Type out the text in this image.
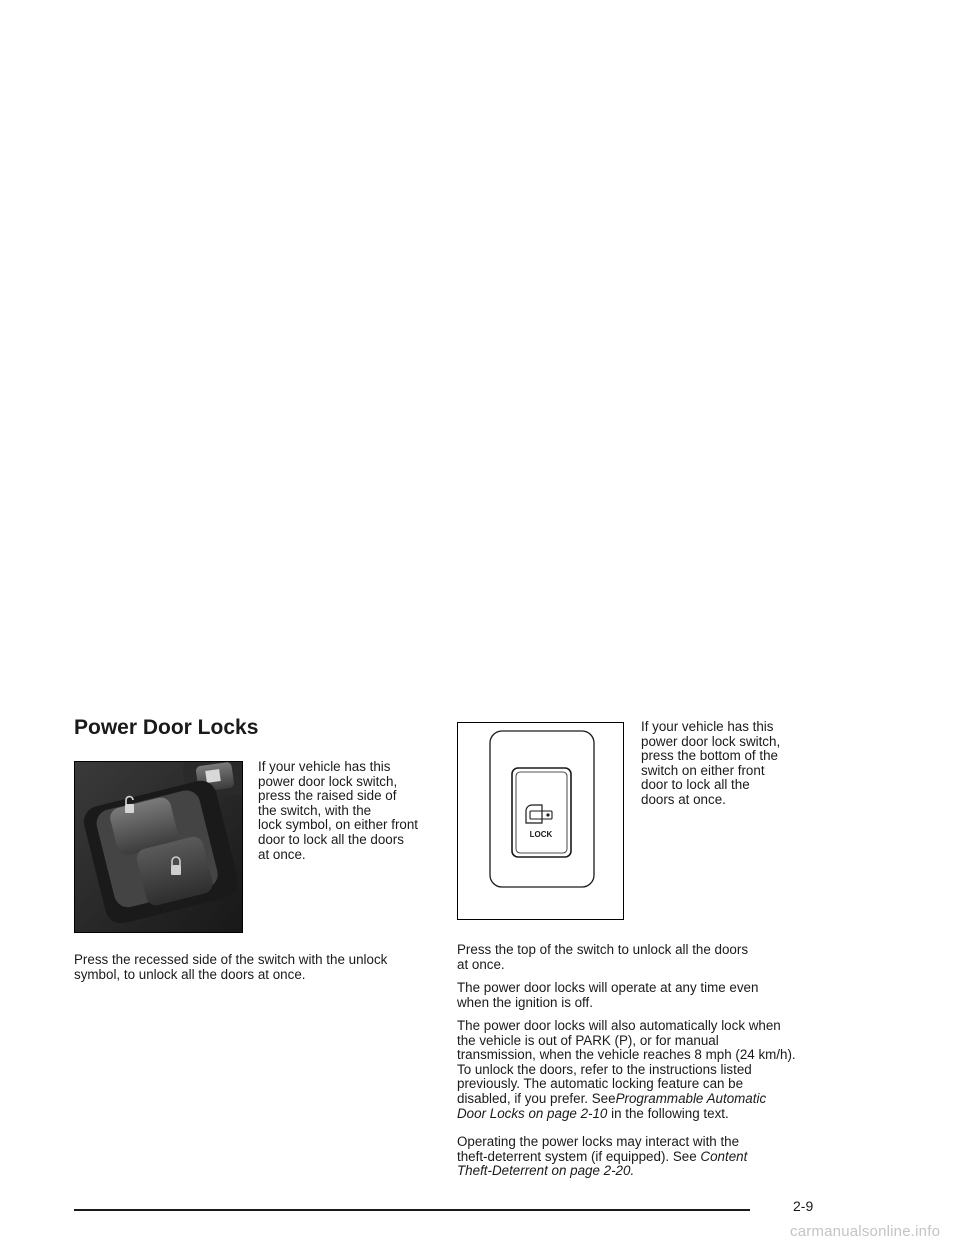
Power Door Locks
If your vehicle has this
power door lock switch,
press the raised side of
the switch, with the
lock symbol, on either front
door to lock all the doors
at once.
Press the recessed side of the switch with the unlock
symbol, to unlock all the doors at once.
LOCK
If your vehicle has this
power door lock switch,
press the bottom of the
switch on either front
door to lock all the
doors at once.
Press the top of the switch to unlock all the doors
at once.
The power door locks will operate at any time even
when the ignition is off.
The power door locks will also automatically lock when
the vehicle is out of PARK (P), or for manual
transmission, when the vehicle reaches 8 mph (24 km/h).
To unlock the doors, refer to the instructions listed
previously. The automatic locking feature can be
disabled, if you prefer. SeeProgrammable Automatic
Door Locks on page 2-10 in the following text.
Operating the power locks may interact with the
theft-deterrent system (if equipped). See Content
Theft-Deterrent on page 2-20.
2-9
carmanualsonline.info
